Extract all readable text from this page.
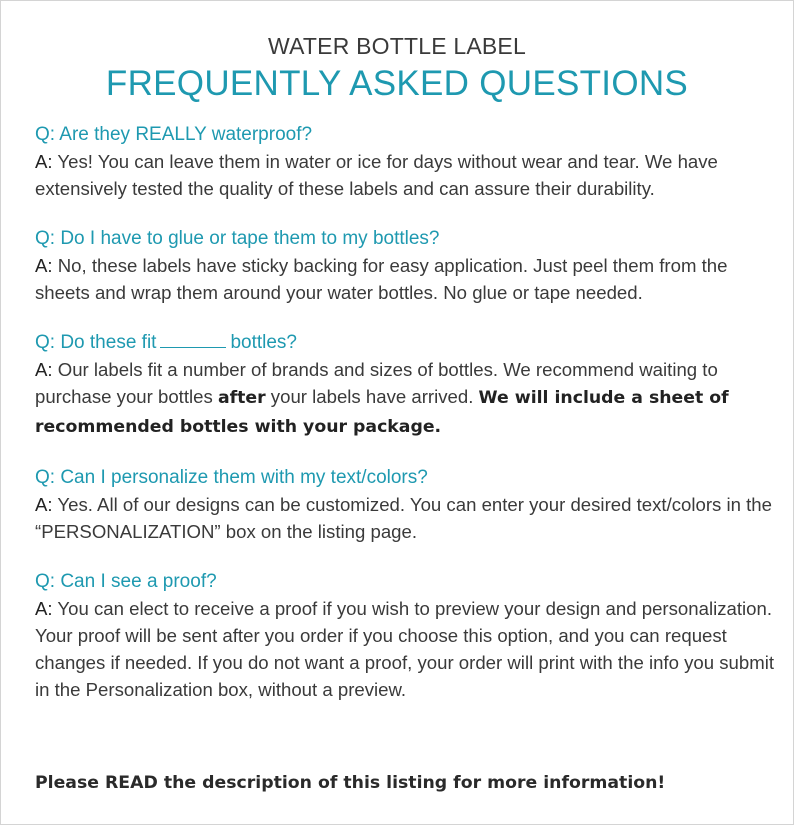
WATER BOTTLE LABEL
FREQUENTLY ASKED QUESTIONS
Q: Are they REALLY waterproof?
A: Yes! You can leave them in water or ice for days without wear and tear. We have extensively tested the quality of these labels and can assure their durability.
Q: Do I have to glue or tape them to my bottles?
A: No, these labels have sticky backing for easy application. Just peel them from the sheets and wrap them around your water bottles. No glue or tape needed.
Q: Do these fit	bottles?
A: Our labels fit a number of brands and sizes of bottles. We recommend waiting to purchase your bottles after your labels have arrived. We will include a sheet of recommended bottles with your package.
Q: Can I personalize them with my text/colors?
A: Yes. All of our designs can be customized. You can enter your desired text/colors in the “PERSONALIZATION” box on the listing page.
Q: Can I see a proof?
A: You can elect to receive a proof if you wish to preview your design and personalization. Your proof will be sent after you order if you choose this option, and you can request changes if needed. If you do not want a proof, your order will print with the info you submit in the Personalization box, without a preview.
Please READ the description of this listing for more information!
